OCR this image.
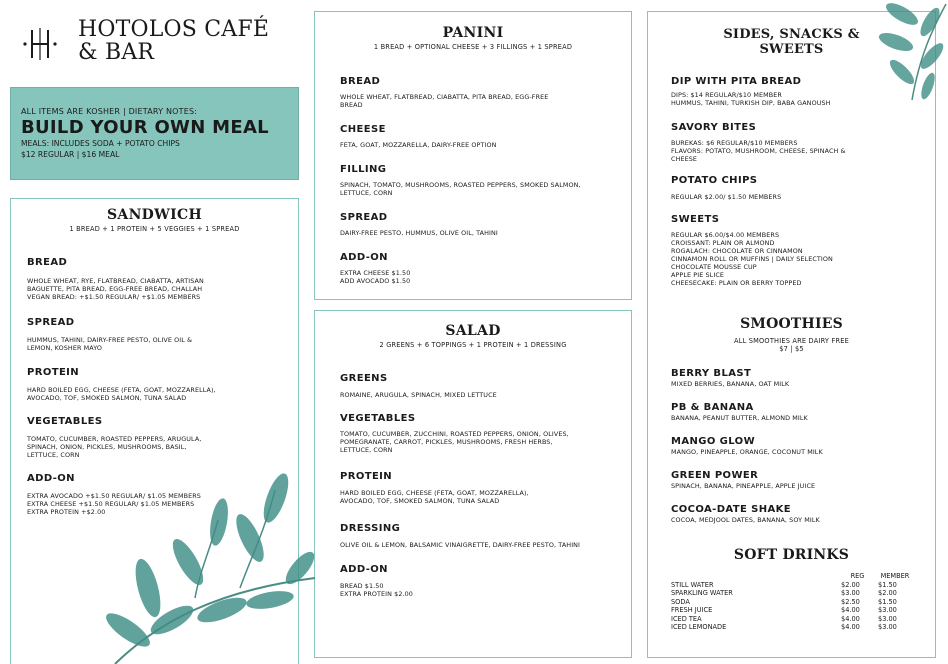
HOTOLOS CAFÉ
& BAR
ALL ITEMS ARE KOSHER | DIETARY NOTES:
BUILD YOUR OWN MEAL
MEALS: INCLUDES SODA + POTATO CHIPS
$12 REGULAR | $16 MEAL
SANDWICH
1 BREAD + 1 PROTEIN + 5 VEGGIES + 1 SPREAD
BREAD
WHOLE WHEAT, RYE, FLATBREAD, CIABATTA, ARTISAN
BAGUETTE, PITA BREAD, EGG-FREE BREAD, CHALLAH
VEGAN BREAD: +$1.50 REGULAR/ +$1.05 MEMBERS
SPREAD
HUMMUS, TAHINI, DAIRY-FREE PESTO, OLIVE OIL &
LEMON, KOSHER MAYO
PROTEIN
HARD BOILED EGG, CHEESE (FETA, GOAT, MOZZARELLA),
AVOCADO, TOF, SMOKED SALMON, TUNA SALAD
VEGETABLES
TOMATO, CUCUMBER, ROASTED PEPPERS, ARUGULA,
SPINACH, ONION, PICKLES, MUSHROOMS, BASIL,
LETTUCE, CORN
ADD-ON
EXTRA AVOCADO +$1.50 REGULAR/ $1.05 MEMBERS
EXTRA CHEESE +$1.50 REGULAR/ $1.05 MEMBERS
EXTRA PROTEIN +$2.00
PANINI
1 BREAD + OPTIONAL CHEESE + 3 FILLINGS + 1 SPREAD
BREAD
WHOLE WHEAT, FLATBREAD, CIABATTA, PITA BREAD, EGG-FREE
BREAD
CHEESE
FETA, GOAT, MOZZARELLA, DAIRY-FREE OPTION
FILLING
SPINACH, TOMATO, MUSHROOMS, ROASTED PEPPERS, SMOKED SALMON,
LETTUCE, CORN
SPREAD
DAIRY-FREE PESTO, HUMMUS, OLIVE OIL, TAHINI
ADD-ON
EXTRA CHEESE $1.50
ADD AVOCADO $1.50
SALAD
2 GREENS + 6 TOPPINGS + 1 PROTEIN + 1 DRESSING
GREENS
ROMAINE, ARUGULA, SPINACH, MIXED LETTUCE
VEGETABLES
TOMATO, CUCUMBER, ZUCCHINI, ROASTED PEPPERS, ONION, OLIVES,
POMEGRANATE, CARROT, PICKLES, MUSHROOMS, FRESH HERBS,
LETTUCE, CORN
PROTEIN
HARD BOILED EGG, CHEESE (FETA, GOAT, MOZZARELLA),
AVOCADO, TOF, SMOKED SALMON, TUNA SALAD
DRESSING
OLIVE OIL & LEMON, BALSAMIC VINAIGRETTE, DAIRY-FREE PESTO, TAHINI
ADD-ON
BREAD $1.50
EXTRA PROTEIN $2.00
SIDES, SNACKS &
SWEETS
DIP WITH PITA BREAD
DIPS: $14 REGULAR/$10 MEMBER
HUMMUS, TAHINI, TURKISH DIP, BABA GANOUSH
SAVORY BITES
BUREKAS: $6 REGULAR/$10 MEMBERS
FLAVORS: POTATO, MUSHROOM, CHEESE, SPINACH &
CHEESE
POTATO CHIPS
REGULAR $2.00/ $1.50 MEMBERS
SWEETS
REGULAR $6.00/$4.00 MEMBERS
CROISSANT: PLAIN OR ALMOND
ROGALACH: CHOCOLATE OR CINNAMON
CINNAMON ROLL OR MUFFINS | DAILY SELECTION
CHOCOLATE MOUSSE CUP
APPLE PIE SLICE
CHEESECAKE: PLAIN OR BERRY TOPPED
SMOOTHIES
ALL SMOOTHIES ARE DAIRY FREE
$7 | $5
BERRY BLAST
MIXED BERRIES, BANANA, OAT MILK
PB & BANANA
BANANA, PEANUT BUTTER, ALMOND MILK
MANGO GLOW
MANGO, PINEAPPLE, ORANGE, COCONUT MILK
GREEN POWER
SPINACH, BANANA, PINEAPPLE, APPLE JUICE
COCOA-DATE SHAKE
COCOA, MEDJOOL DATES, BANANA, SOY MILK
SOFT DRINKS
	REG	MEMBER
STILL WATER	$2.00	$1.50
SPARKLING WATER	$3.00	$2.00
SODA	$2.50	$1.50
FRESH JUICE	$4.00	$3.00
ICED TEA	$4.00	$3.00
ICED LEMONADE	$4.00	$3.00
